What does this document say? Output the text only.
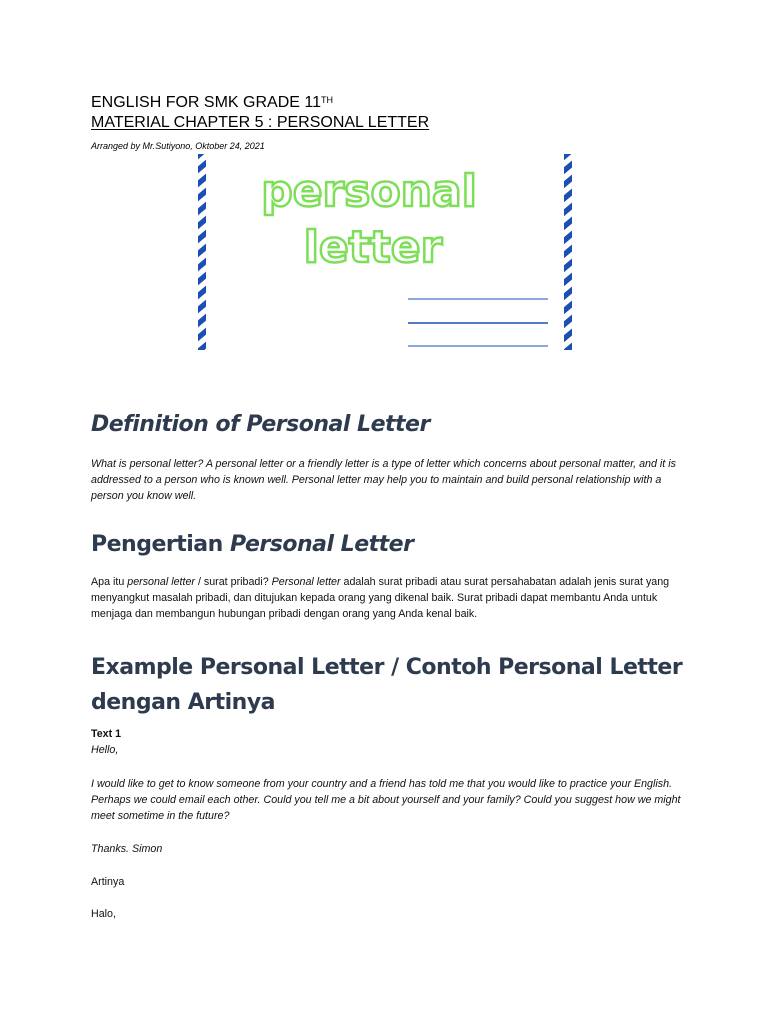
ENGLISH FOR SMK GRADE 11TH
MATERIAL CHAPTER 5 : PERSONAL LETTER
Arranged by Mr.Sutiyono, Oktober 24, 2021
personal
letter
Definition of Personal Letter
What is personal letter? A personal letter or a friendly letter is a type of letter which concerns about personal matter, and it is addressed to a person who is known well. Personal letter may help you to maintain and build personal relationship with a person you know well.
Pengertian Personal Letter
Apa itu personal letter / surat pribadi? Personal letter adalah surat pribadi atau surat persahabatan adalah jenis surat yang menyangkut masalah pribadi, dan ditujukan kepada orang yang dikenal baik. Surat pribadi dapat membantu Anda untuk menjaga dan membangun hubungan pribadi dengan orang yang Anda kenal baik.
Example Personal Letter / Contoh Personal Letter
dengan Artinya
Text 1
Hello,
I would like to get to know someone from your country and a friend has told me that you would like to practice your English. Perhaps we could email each other. Could you tell me a bit about yourself and your family? Could you suggest how we might meet sometime in the future?
Thanks. Simon
Artinya
Halo,
